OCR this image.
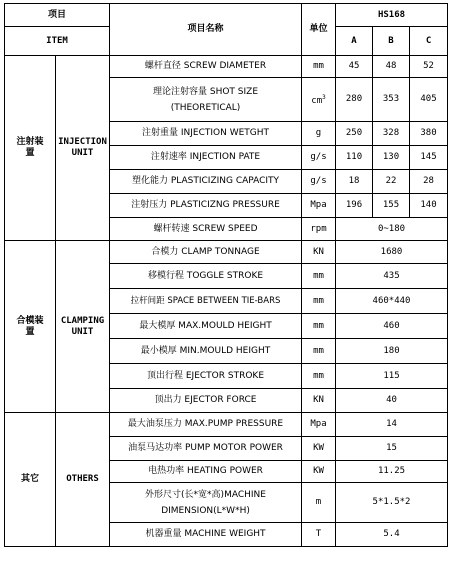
项目		项目名称	单位	HS168		
ITEM				A	B	C
注射装置	INJECTION UNIT	螺杆直径 SCREW DIAMETER	mm	45	48	52

		理论注射容量 SHOT SIZE
(THEORETICAL)	$cm^3$	280	353	405
		注射重量 INJECTION WETGHT	g	250	328	380
		注射速率 INJECTION PATE	g/s	110	130	145
		塑化能力 PLASTICIZING CAPACITY	g/s	18	22	28
		注射压力 PLASTICIZNG PRESSURE	Mpa	196	155	140
		螺杆转速 SCREW SPEED	rpm	0~180		
合模装置	CLAMPING UNIT	合模力 CLAMP TONNAGE	KN	1680		
		移模行程 TOGGLE STROKE	mm	435		
		拉杆间距 SPACE BETWEEN TIE-BARS	mm	460*440		
		最大模厚 MAX.MOULD HEIGHT	mm	460		
		最小模厚 MIN.MOULD HEIGHT	mm	180		
		顶出行程 EJECTOR STROKE	mm	115		
		顶出力 EJECTOR FORCE	KN	40		
其它	OTHERS	最大油泵压力 MAX.PUMP PRESSURE	Mpa	14		
		油泵马达功率 PUMP MOTOR POWER	KW	15		
		电热功率 HEATING POWER	KW	11.25		

		外形尺寸(长*宽*高)MACHINE
DIMENSION(L*W*H)	m	5*1.5*2		
		机器重量 MACHINE WEIGHT	T	5.4		
